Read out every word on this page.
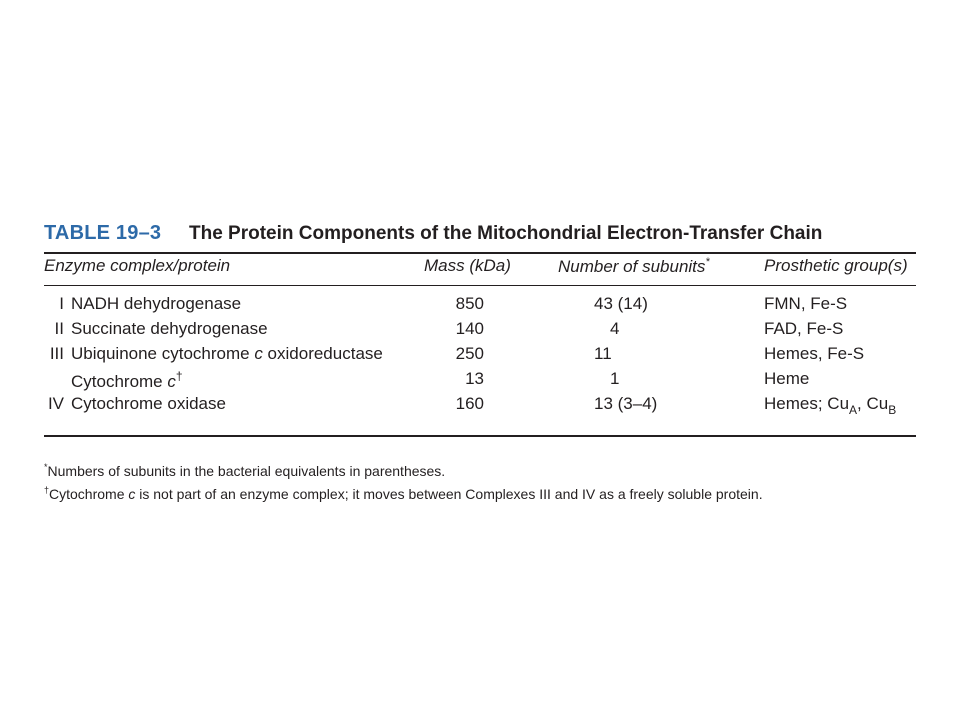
TABLE 19–3 The Protein Components of the Mitochondrial Electron-Transfer Chain
Enzyme complex/protein	Mass (kDa)	Number of subunits*	Prosthetic group(s)
I NADH dehydrogenase	850	43 (14)	FMN, Fe-S
II Succinate dehydrogenase	140	4	FAD, Fe-S
III Ubiquinone cytochrome c oxidoreductase	250	11	Hemes, Fe-S
Cytochrome c†	13	1	Heme
IV Cytochrome oxidase	160	13 (3–4)	Hemes; $Cu_A$, $Cu_B$
*Numbers of subunits in the bacterial equivalents in parentheses.
†Cytochrome c is not part of an enzyme complex; it moves between Complexes III and IV as a freely soluble protein.
